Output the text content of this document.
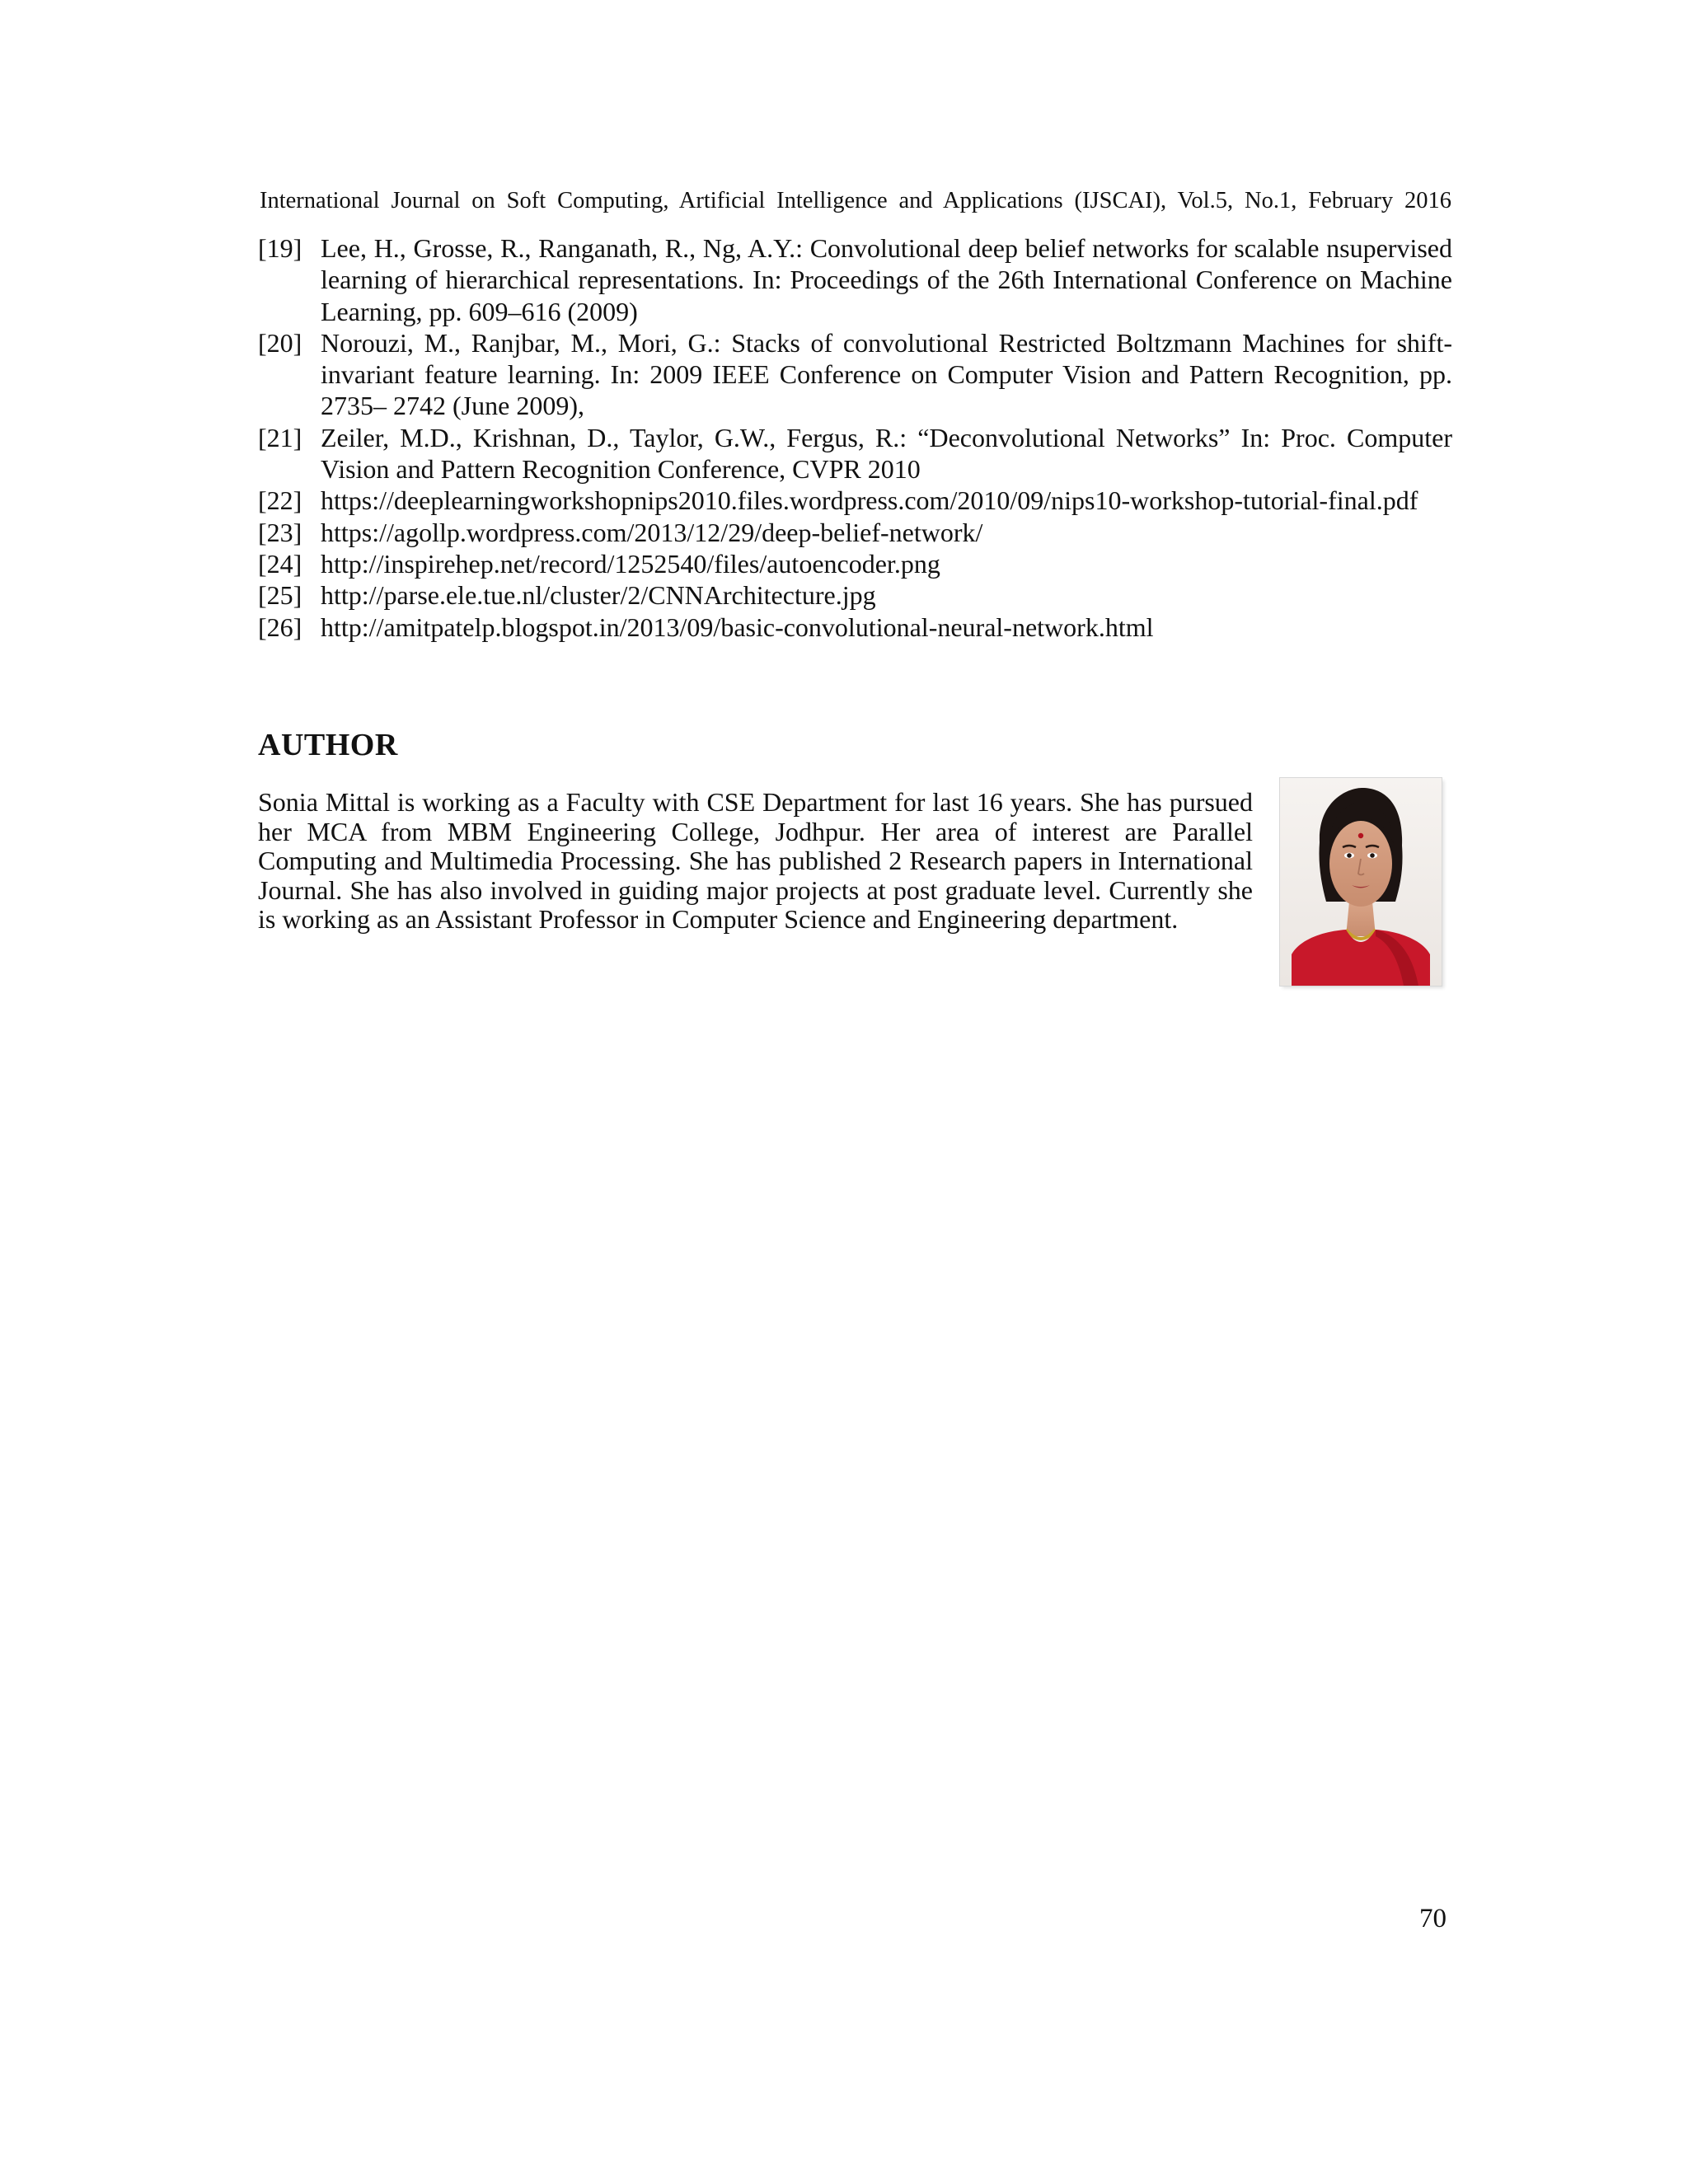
International Journal on Soft Computing, Artificial Intelligence and Applications (IJSCAI), Vol.5, No.1, February 2016
[19] Lee, H., Grosse, R., Ranganath, R., Ng, A.Y.: Convolutional deep belief networks for scalable nsupervised learning of hierarchical representations. In: Proceedings of the 26th International Conference on Machine Learning, pp. 609–616 (2009)
[20] Norouzi, M., Ranjbar, M., Mori, G.: Stacks of convolutional Restricted Boltzmann Machines for shift-invariant feature learning. In: 2009 IEEE Conference on Computer Vision and Pattern Recognition, pp. 2735– 2742 (June 2009),
[21] Zeiler, M.D., Krishnan, D., Taylor, G.W., Fergus, R.: “Deconvolutional Networks” In: Proc. Computer Vision and Pattern Recognition Conference, CVPR 2010
[22] https://deeplearningworkshopnips2010.files.wordpress.com/2010/09/nips10-workshop-tutorial-final.pdf
[23] https://agollp.wordpress.com/2013/12/29/deep-belief-network/
[24] http://inspirehep.net/record/1252540/files/autoencoder.png
[25] http://parse.ele.tue.nl/cluster/2/CNNArchitecture.jpg
[26] http://amitpatelp.blogspot.in/2013/09/basic-convolutional-neural-network.html
AUTHOR

Sonia Mittal is working as a Faculty with CSE Department for last 16 years. She has pursued her MCA from MBM Engineering College, Jodhpur. Her area of interest are Parallel Computing and Multimedia Processing. She has published 2 Research papers in International Journal. She has also involved in guiding major projects at post graduate level. Currently she is working as an Assistant Professor in Computer Science and Engineering department.

70
